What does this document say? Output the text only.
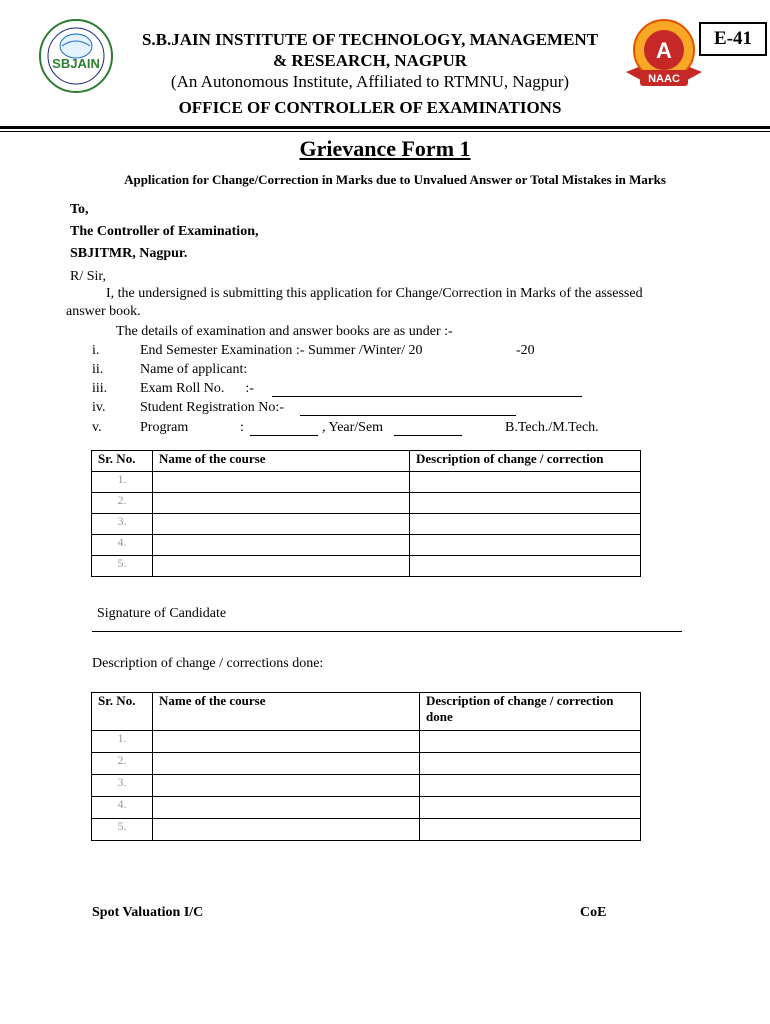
SBJAIN
S.B.JAIN INSTITUTE OF TECHNOLOGY, MANAGEMENT
& RESEARCH, NAGPUR
(An Autonomous Institute, Affiliated to RTMNU, Nagpur)
OFFICE OF CONTROLLER OF EXAMINATIONS
A
NAAC
E-41
Grievance Form 1
Application for Change/Correction in Marks due to Unvalued Answer or Total Mistakes in Marks
To,
The Controller of Examination,
SBJITMR, Nagpur.
R/ Sir,
I, the undersigned is submitting this application for Change/Correction in Marks of the assessed
answer book.
The details of examination and answer books are as under :-
i.	End Semester Examination :- Summer /Winter/ 20	-20
ii.	Name of applicant:
iii. Exam Roll No.      :-
iv. Student Registration No:-
v.	Program	:	, Year/Sem	B.Tech./M.Tech.
Sr. No.	Name of the course	Description of change / correction
1.		
2.		
3.		
4.		
5.		
Signature of Candidate
Description of change / corrections done:
Sr. No.	Name of the course	Description of change / correction done
1.		
2.		
3.		
4.		
5.		
Spot Valuation I/C	CoE
